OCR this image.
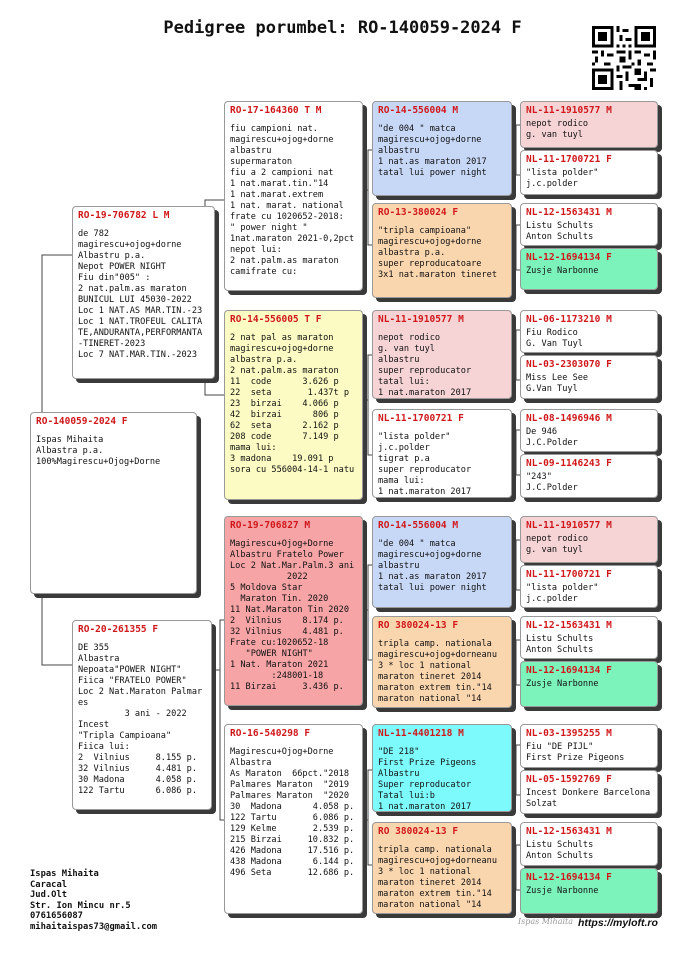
Pedigree porumbel: RO-140059-2024 F
RO-140059-2024 F
Ispas Mihaita
Albastra p.a.
100%Magirescu+Ojog+Dorne
RO-19-706782 L M
de 782
magirescu+ojog+dorne
Albastru p.a.
Nepot POWER NIGHT
Fiu din"005" :
2 nat.palm.as maraton
BUNICUL LUI 45030-2022
Loc 1 NAT.AS MAR.TIN.-23
Loc 1 NAT.TROFEUL CALITA
TE,ANDURANTA,PERFORMANTA
-TINERET-2023
Loc 7 NAT.MAR.TIN.-2023
RO-20-261355 F
DE 355
Albastra
Nepoata"POWER NIGHT"
Fiica "FRATELO POWER"
Loc 2 Nat.Maraton Palmar
es
3 ani - 2022
Incest
"Tripla Campioana"
Fiica lui:
2  Vilnius     8.155 p.
32 Vilnius     4.481 p.
30 Madona      4.058 p.
122 Tartu      6.086 p.
RO-17-164360 T M
fiu campioni nat.
magirescu+ojog+dorne
albastru
supermaraton
fiu a 2 campioni nat
1 nat.marat.tin."14
1 nat.marat.extrem
1 nat. marat. national
frate cu 1020652-2018:
" power night "
1nat.maraton 2021-0,2pct
nepot lui:
2 nat.palm.as maraton
camifrate cu:
RO-14-556005 T F
2 nat pal as maraton
magirescu+ojog+dorne
albastra p.a.
2 nat.palm.as maraton
11  code      3.626 p
22  seta       1.437t p
23  birzai    4.066 p
42  birzai      806 p
62  seta      2.162 p
208 code      7.149 p
mama lui:
3 madona    19.091 p
sora cu 556004-14-1 natu
RO-19-706827 M
Magirescu+Ojog+Dorne
Albastru Fratelo Power
Loc 2 Nat.Mar.Palm.3 ani
2022
5 Moldova Star
Maraton Tin. 2020
11 Nat.Maraton Tin 2020
2  Vilnius    8.174 p.
32 Vilnius    4.481 p.
Frate cu:1020652-18
"POWER NIGHT"
1 Nat. Maraton 2021
:248001-18
11 Birzai     3.436 p.
RO-16-540298 F
Magirescu+Ojog+Dorne
Albastra
As Maraton  66pct."2018
Palmares Maraton  "2019
Palmares Maraton  "2020
30  Madona      4.058 p.
122 Tartu       6.086 p.
129 Kelme       2.539 p.
215 Birzai     10.832 p.
426 Madona     17.516 p.
438 Madona      6.144 p.
496 Seta       12.686 p.
RO-14-556004 M
"de 004 " matca
magirescu+ojog+dorne
albastru
1 nat.as maraton 2017
tatal lui power night
RO-13-380024 F
"tripla campioana"
magirescu+ojog+dorne
albastra p.a.
super reproducatoare
3x1 nat.maraton tineret
NL-11-1910577 M
nepot rodico
g. van tuyl
albastru
super reproducator
tatal lui:
1 nat.maraton 2017
NL-11-1700721 F
"lista polder"
j.c.polder
tigrat p.a
super reproducator
mama lui:
1 nat.maraton 2017
RO-14-556004 M
"de 004 " matca
magirescu+ojog+dorne
albastru
1 nat.as maraton 2017
tatal lui power night
RO 380024-13 F
tripla camp. nationala
magirescu+ojog+dorneanu
3 * loc 1 national
maraton tineret 2014
maraton extrem tin."14
maraton national "14
NL-11-4401218 M
"DE 218"
First Prize Pigeons
Albastru
Super reproducator
Tatal lui:b
1 nat.maraton 2017
RO 380024-13 F
tripla camp. nationala
magirescu+ojog+dorneanu
3 * loc 1 national
maraton tineret 2014
maraton extrem tin."14
maraton national "14
NL-11-1910577 M
nepot rodico
g. van tuyl
NL-11-1700721 F
"lista polder"
j.c.polder
NL-12-1563431 M
Listu Schults
Anton Schults
NL-12-1694134 F
Zusje Narbonne
NL-06-1173210 M
Fiu Rodico
G. Van Tuyl
NL-03-2303070 F
Miss Lee See
G.Van Tuyl
NL-08-1496946 M
De 946
J.C.Polder
NL-09-1146243 F
"243"
J.C.Polder
NL-11-1910577 M
nepot rodico
g. van tuyl
NL-11-1700721 F
"lista polder"
j.c.polder
NL-12-1563431 M
Listu Schults
Anton Schults
NL-12-1694134 F
Zusje Narbonne
NL-03-1395255 M
Fiu "DE PIJL"
First Prize Pigeons
NL-05-1592769 F
Incest Donkere Barcelona
Solzat
NL-12-1563431 M
Listu Schults
Anton Schults
NL-12-1694134 F
Zusje Narbonne
Ispas Mihaita
Caracal
Jud.Olt
Str. Ion Mincu nr.5
0761656087
mihaitaispas73@gmail.com
Ispas Mihaita https://myloft.ro
